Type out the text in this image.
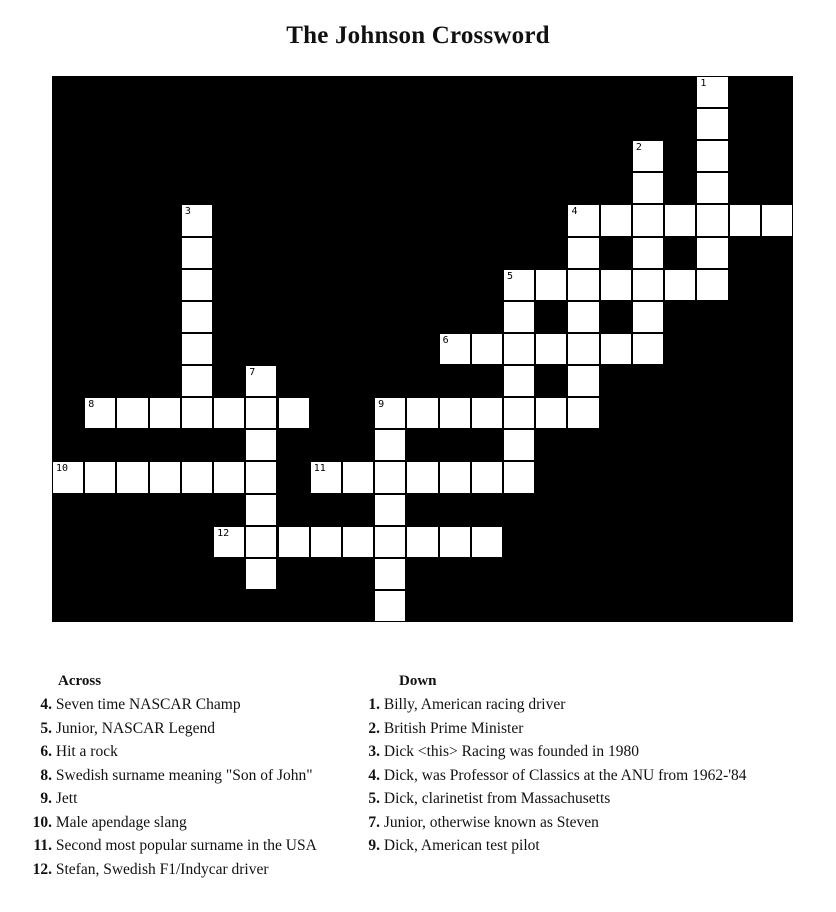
The Johnson Crossword
1
2
3	4
5
6
7
8	9
10	11
12
Across
4. Seven time NASCAR Champ
5. Junior, NASCAR Legend
6. Hit a rock
8. Swedish surname meaning "Son of John"
9. Jett
10. Male apendage slang
11. Second most popular surname in the USA
12. Stefan, Swedish F1/Indycar driver
Down
1. Billy, American racing driver
2. British Prime Minister
3. Dick <this> Racing was founded in 1980
4. Dick, was Professor of Classics at the ANU from 1962-'84
5. Dick, clarinetist from Massachusetts
7. Junior, otherwise known as Steven
9. Dick, American test pilot
